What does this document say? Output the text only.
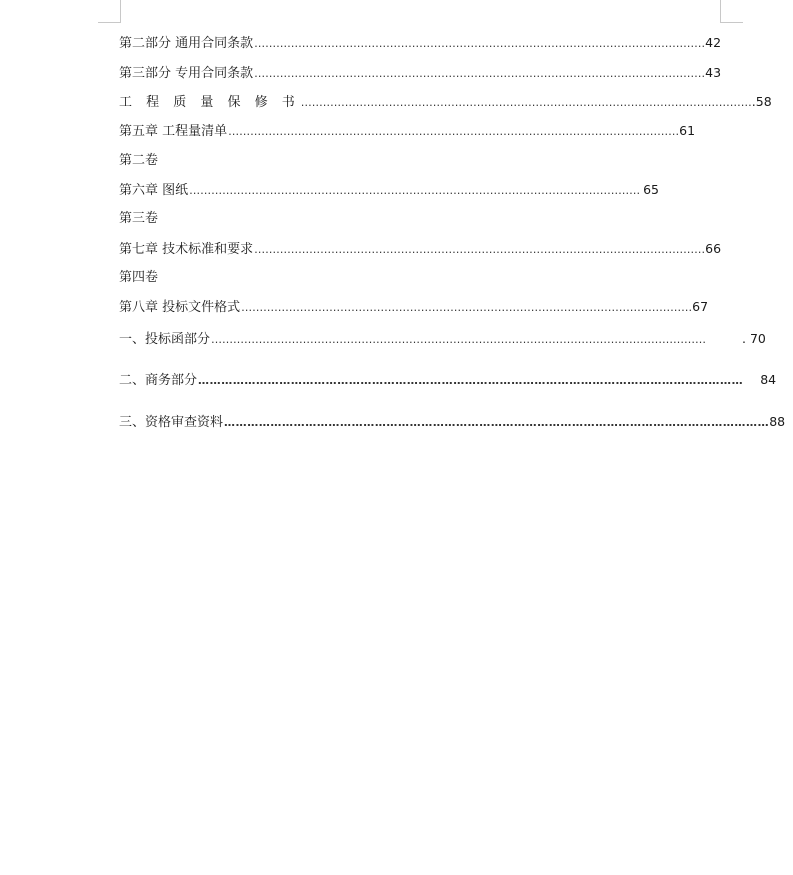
第二部分 通用合同条款 …………………………………………………………………………………………………………… 42
第三部分 专用合同条款 …………………………………………………………………………………………………………… 43
工 程 质 量 保 修 书 …………………………………………………………………………………………………………… .58
第五章 工程量清单 …………………………………………………………………………………………………………… 61
第二卷
第六章 图纸 …………………………………………………………………………………………………………… 65
第三卷
第七章 技术标准和要求 …………………………………………………………………………………………………………… 66
第四卷
第八章 投标文件格式 …………………………………………………………………………………………………………… 67
一、投标函部分 ………………………………………………………………………………………………………………………	. 70
二、商务部分 …………………………………………………………………………………………………………………………… 84
三、资格审查资料 …………………………………………………………………………………………………………………………… 88
